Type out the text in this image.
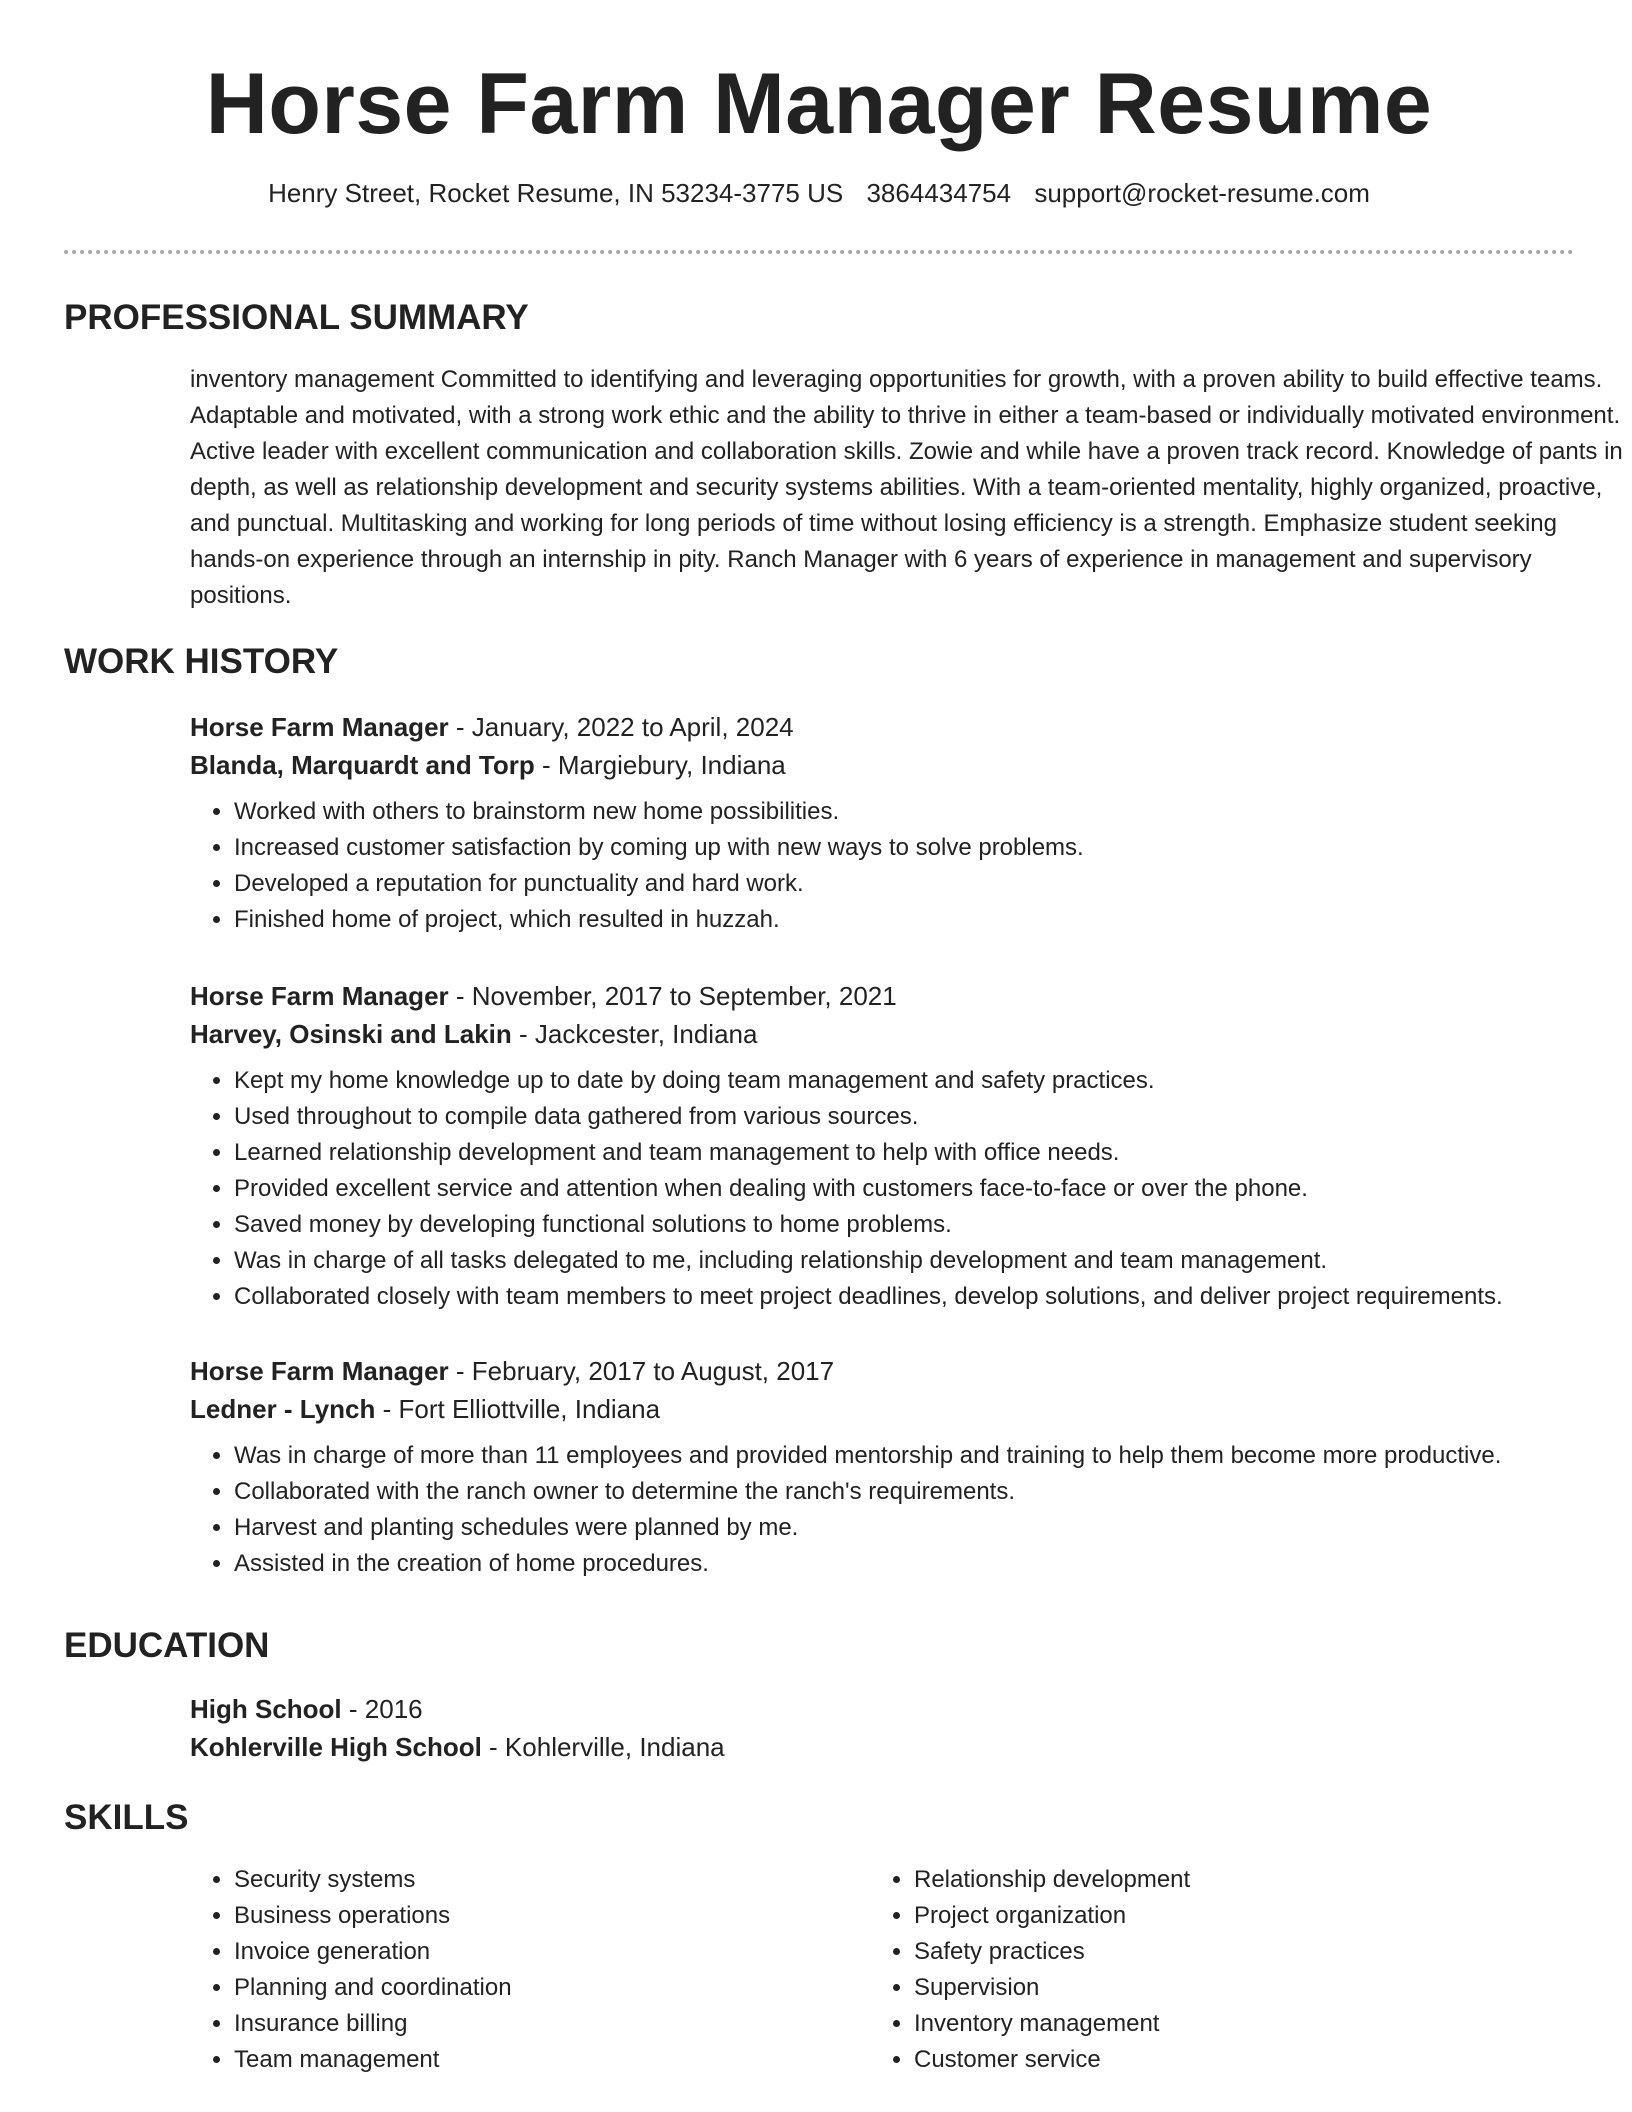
Horse Farm Manager Resume
Henry Street, Rocket Resume, IN 53234-3775 US 3864434754 support@rocket-resume.com
PROFESSIONAL SUMMARY

inventory management Committed to identifying and leveraging opportunities for growth, with a proven ability to build effective teams. Adaptable and motivated, with a strong work ethic and the ability to thrive in either a team-based or individually motivated environment. Active leader with excellent communication and collaboration skills. Zowie and while have a proven track record. Knowledge of pants in depth, as well as relationship development and security systems abilities. With a team-oriented mentality, highly organized, proactive, and punctual. Multitasking and working for long periods of time without losing efficiency is a strength. Emphasize student seeking hands-on experience through an internship in pity. Ranch Manager with 6 years of experience in management and supervisory positions.

WORK HISTORY

Horse Farm Manager - January, 2022 to April, 2024

Blanda, Marquardt and Torp - Margiebury, Indiana

• Worked with others to brainstorm new home possibilities.
• Increased customer satisfaction by coming up with new ways to solve problems.
• Developed a reputation for punctuality and hard work.
• Finished home of project, which resulted in huzzah.

Horse Farm Manager - November, 2017 to September, 2021

Harvey, Osinski and Lakin - Jackcester, Indiana

• Kept my home knowledge up to date by doing team management and safety practices.
• Used throughout to compile data gathered from various sources.
• Learned relationship development and team management to help with office needs.
• Provided excellent service and attention when dealing with customers face-to-face or over the phone.
• Saved money by developing functional solutions to home problems.
• Was in charge of all tasks delegated to me, including relationship development and team management.
• Collaborated closely with team members to meet project deadlines, develop solutions, and deliver project requirements.

Horse Farm Manager - February, 2017 to August, 2017

Ledner - Lynch - Fort Elliottville, Indiana

• Was in charge of more than 11 employees and provided mentorship and training to help them become more productive.
• Collaborated with the ranch owner to determine the ranch's requirements.
• Harvest and planting schedules were planned by me.
• Assisted in the creation of home procedures.
EDUCATION

High School - 2016

Kohlerville High School - Kohlerville, Indiana

SKILLS
• Security systems
• Business operations
• Invoice generation
• Planning and coordination
• Insurance billing
• Team management
• Relationship development
• Project organization
• Safety practices
• Supervision
• Inventory management
• Customer service
